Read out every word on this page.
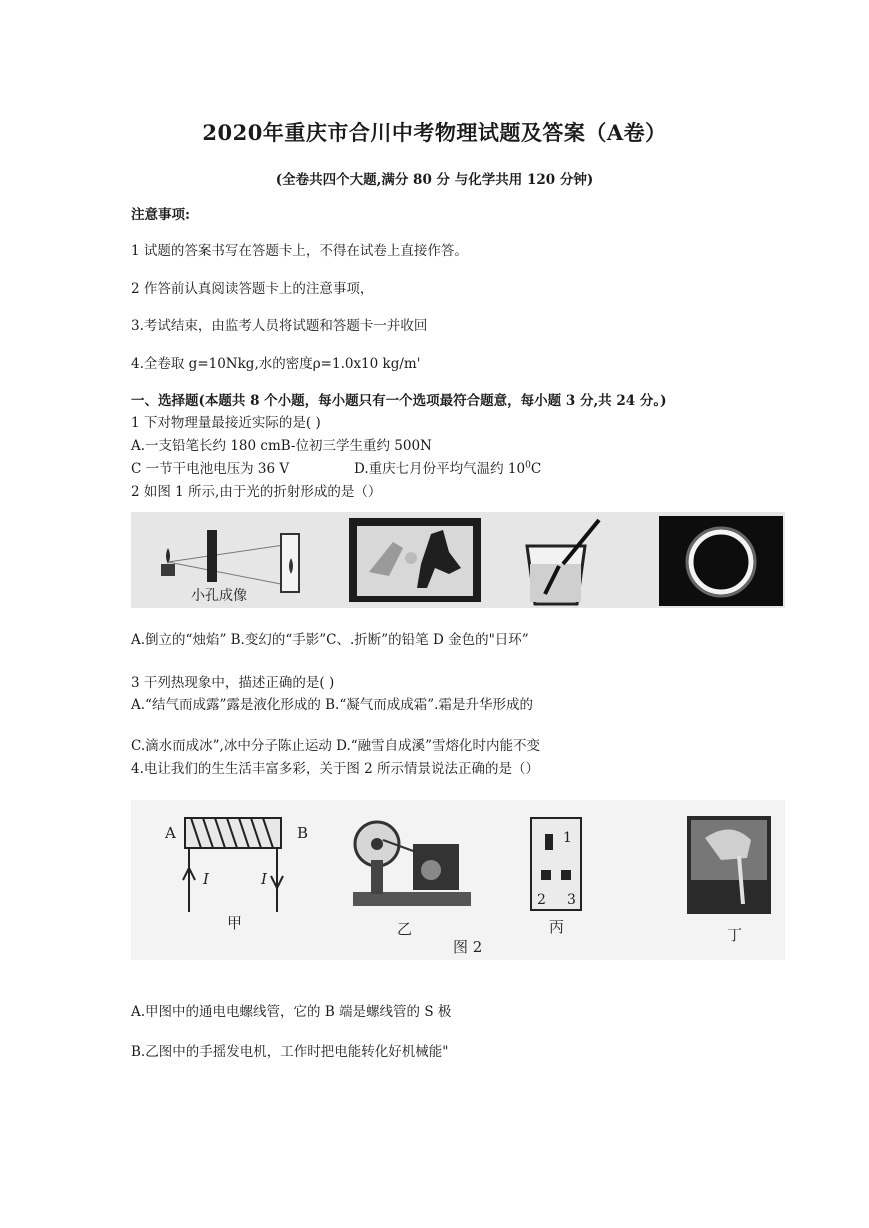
2020年重庆市合川中考物理试题及答案（A卷）
(全卷共四个大题,满分 80 分 与化学共用 120 分钟)
注意事项:
1 试题的答案书写在答题卡上，不得在试卷上直接作答。
2 作答前认真阅读答题卡上的注意事项，
3.考试结束，由监考人员将试题和答题卡一并收回
4.全卷取 g=10Nkg,水的密度ρ=1.0x10 kg/m'
一、选择题(本题共 8 个小题，每小题只有一个选项最符合题意，每小题 3 分,共 24 分。)
1 下对物理量最接近实际的是( )
A.一支铅笔长约 180 cmB-位初三学生重约 500N
C 一节干电池电压为 36 V	D.重庆七月份平均气温约 $10^0C$
2 如图 1 所示,由于光的折射形成的是（）
小孔成像
A.倒立的“烛焰” B.变幻的“手影”C、.折断”的铅笔 D 金色的"日环”
3 干列热现象中，描述正确的是( )
A.“结气而成露”露是液化形成的 B.“凝气而成成霜”.霜是升华形成的
C.滴水而成冰”,冰中分子陈止运动 D.“融雪自成溪”雪熔化时内能不变
4.电让我们的生生活丰富多彩，关于图 2 所示情景说法正确的是（）
A	B
I	I
甲	乙
1
2 3
丙	丁
图 2
A.甲图中的通电电螺线管，它的 B 端是螺线管的 S 极
B.乙图中的手摇发电机，工作时把电能转化好机械能"
